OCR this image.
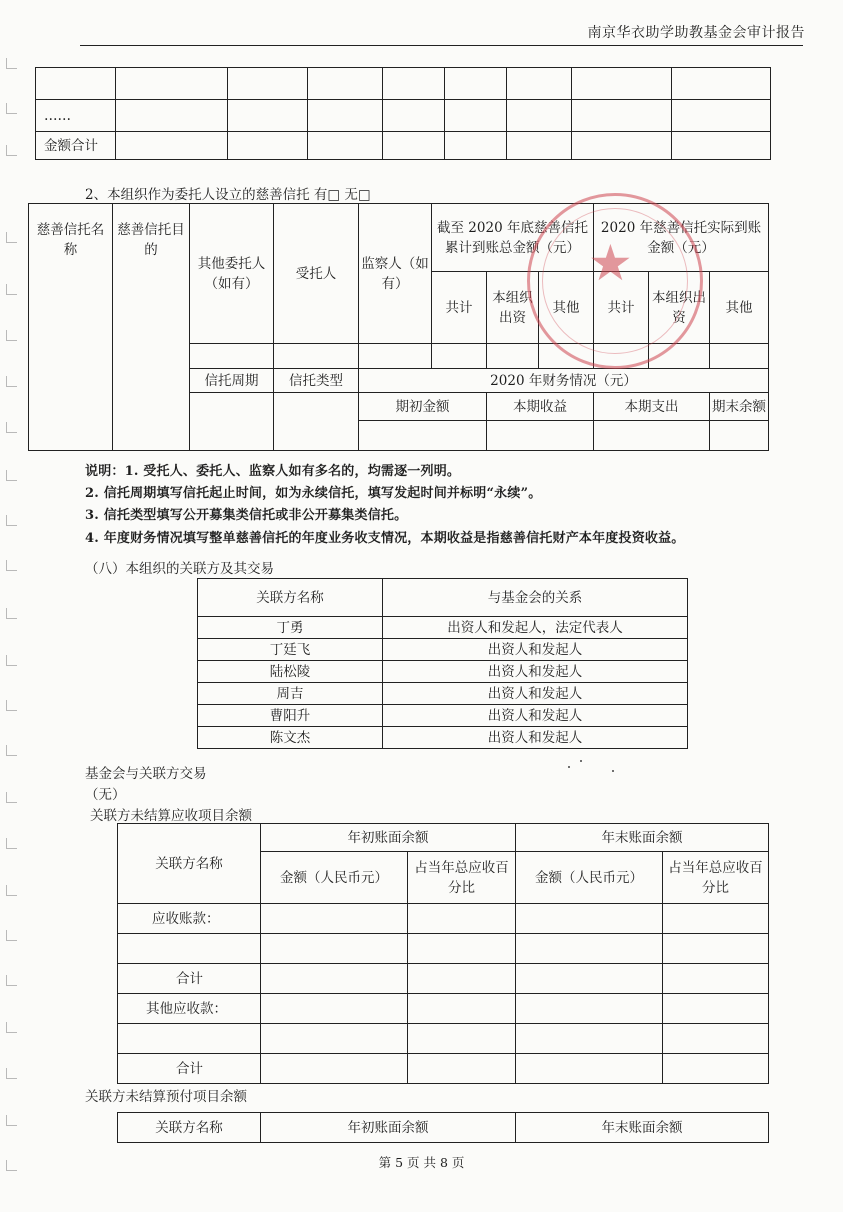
南京华衣助学助教基金会审计报告

……								
金额合计								
2、本组织作为委托人设立的慈善信托 有□ 无□
慈善信托名称	慈善信托目的	其他委托人（如有）	受托人	监察人（如有）	截至 2020 年底慈善信托累计到账总金额（元）			2020 年慈善信托实际到账金额（元）		
					共计	本组织出资	其他	共计	本组织出资	其他

		信托周期	信托类型	2020 年财务情况（元）						
				期初金额		本期收益		本期支出		期末余额

★
说明：1. 受托人、委托人、监察人如有多名的，均需逐一列明。
2. 信托周期填写信托起止时间，如为永续信托，填写发起时间并标明“永续”。
3. 信托类型填写公开募集类信托或非公开募集类信托。
4. 年度财务情况填写整单慈善信托的年度业务收支情况，本期收益是指慈善信托财产本年度投资收益。
（八）本组织的关联方及其交易
关联方名称	与基金会的关系
丁勇	出资人和发起人，法定代表人
丁廷飞	出资人和发起人
陆松陵	出资人和发起人
周吉	出资人和发起人
曹阳升	出资人和发起人
陈文杰	出资人和发起人
基金会与关联方交易
（无）
关联方未结算应收项目余额
关联方名称	年初账面余额		年末账面余额	
	金额（人民币元）	占当年总应收百分比	金额（人民币元）	占当年总应收百分比
应收账款：				

合计				
其他应收款：				

合计				
关联方未结算预付项目余额
关联方名称	年初账面余额	年末账面余额
第 5 页 共 8 页
